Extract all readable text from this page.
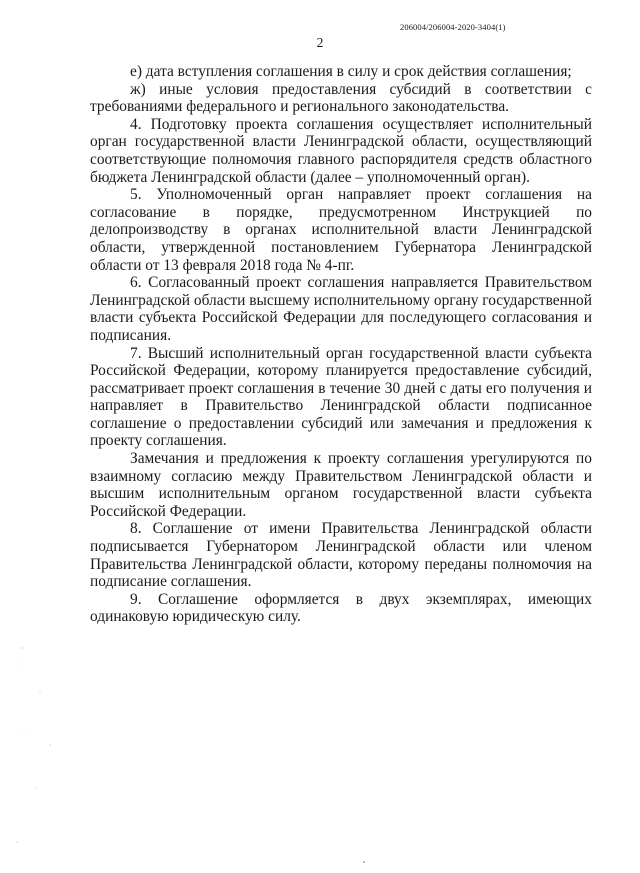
206004/206004-2020-3404(1)
2

е) дата вступления соглашения в силу и срок действия соглашения;

ж) иные условия предоставления субсидий в соответствии с требованиями федерального и регионального законодательства.

4. Подготовку проекта соглашения осуществляет исполнительный орган государственной власти Ленинградской области, осуществляющий соответствующие полномочия главного распорядителя средств областного бюджета Ленинградской области (далее – уполномоченный орган).

5. Уполномоченный орган направляет проект соглашения на согласование в порядке, предусмотренном Инструкцией по делопроизводству в органах исполнительной власти Ленинградской области, утвержденной постановлением Губернатора Ленинградской области от 13 февраля 2018 года № 4-пг.

6. Согласованный проект соглашения направляется Правительством Ленинградской области высшему исполнительному органу государственной власти субъекта Российской Федерации для последующего согласования и подписания.

7. Высший исполнительный орган государственной власти субъекта Российской Федерации, которому планируется предоставление субсидий, рассматривает проект соглашения в течение 30 дней с даты его получения и направляет в Правительство Ленинградской области подписанное соглашение о предоставлении субсидий или замечания и предложения к проекту соглашения.

Замечания и предложения к проекту соглашения урегулируются по взаимному согласию между Правительством Ленинградской области и высшим исполнительным органом государственной власти субъекта Российской Федерации.

8. Соглашение от имени Правительства Ленинградской области подписывается Губернатором Ленинградской области или членом Правительства Ленинградской области, которому переданы полномочия на подписание соглашения.

9. Соглашение оформляется в двух экземплярах, имеющих одинаковую юридическую силу.
